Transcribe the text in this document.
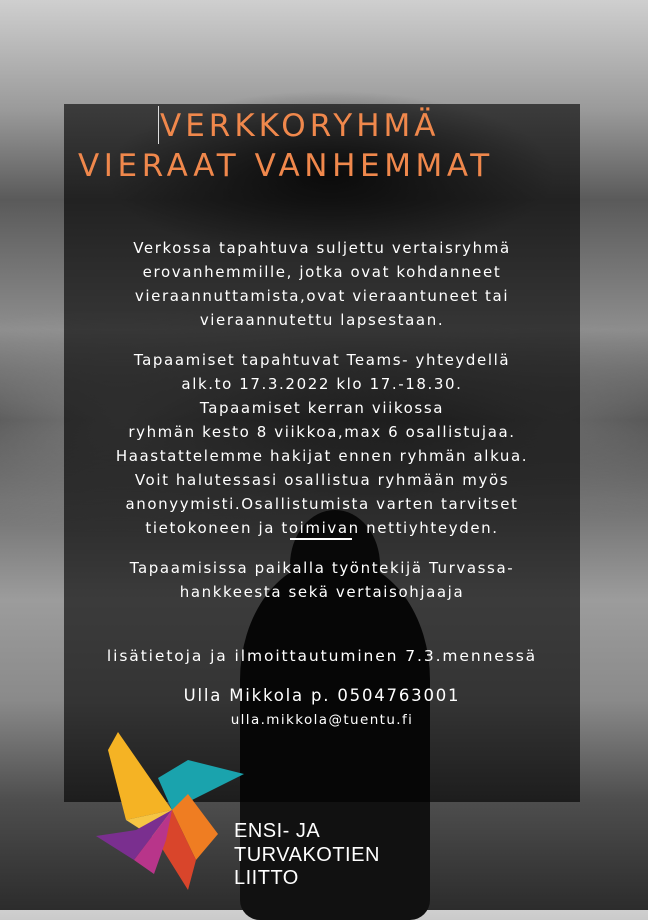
VERKKORYHMÄ
VIERAAT VANHEMMAT

Verkossa tapahtuva suljettu vertaisryhmä
erovanhemmille, jotka ovat kohdanneet
vieraannuttamista,ovat vieraantuneet tai
vieraannutettu lapsestaan.

Tapaamiset tapahtuvat Teams- yhteydellä
alk.to 17.3.2022 klo 17.-18.30.
Tapaamiset kerran viikossa
ryhmän kesto 8 viikkoa,max 6 osallistujaa.
Haastattelemme hakijat ennen ryhmän alkua.
Voit halutessasi osallistua ryhmään myös
anonyymisti.Osallistumista varten tarvitset
tietokoneen ja toimivan nettiyhteyden.

Tapaamisissa paikalla työntekijä Turvassa-
hankkeesta sekä vertaisohjaaja

lisätietoja ja ilmoittautuminen 7.3.mennessä

Ulla Mikkola p. 0504763001

ulla.mikkola@tuentu.fi

ENSI- JA
TURVAKOTIEN
LIITTO
